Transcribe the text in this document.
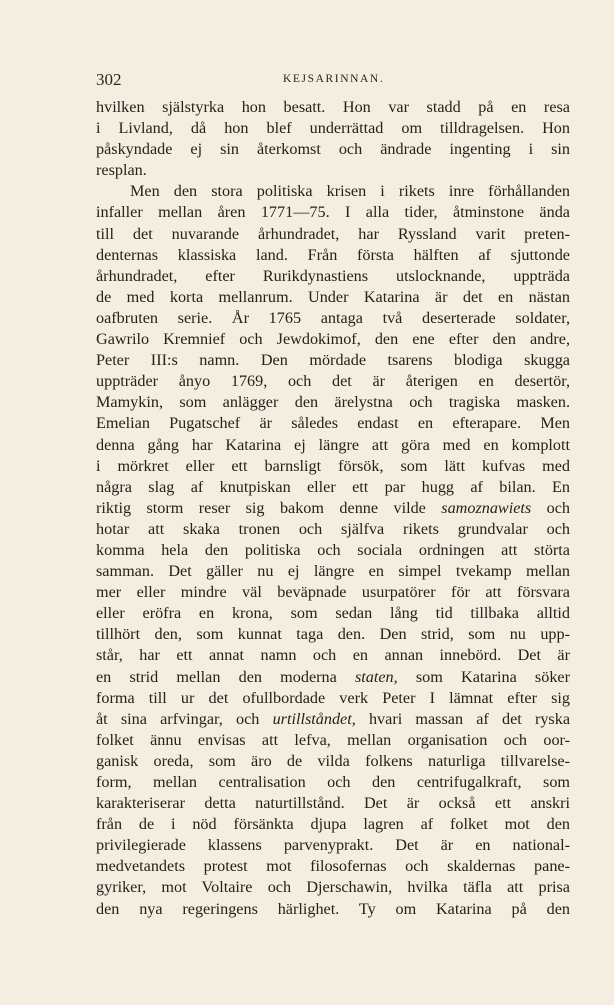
302	KEJSARINNAN.
hvilken själstyrka hon besatt. Hon var stadd på en resa
i Livland, då hon blef underrättad om tilldragelsen. Hon
påskyndade ej sin återkomst och ändrade ingenting i sin
resplan.
Men den stora politiska krisen i rikets inre förhållanden
infaller mellan åren 1771—75. I alla tider, åtminstone ända
till det nuvarande århundradet, har Ryssland varit preten-
denternas klassiska land. Från första hälften af sjuttonde
århundradet, efter Rurikdynastiens utslocknande, uppträda
de med korta mellanrum. Under Katarina är det en nästan
oafbruten serie. År 1765 antaga två deserterade soldater,
Gawrilo Kremnief och Jewdokimof, den ene efter den andre,
Peter III:s namn. Den mördade tsarens blodiga skugga
uppträder ånyo 1769, och det är återigen en desertör,
Mamykin, som anlägger den ärelystna och tragiska masken.
Emelian Pugatschef är således endast en efterapare. Men
denna gång har Katarina ej längre att göra med en komplott
i mörkret eller ett barnsligt försök, som lätt kufvas med
några slag af knutpiskan eller ett par hugg af bilan. En
riktig storm reser sig bakom denne vilde samoznawiets och
hotar att skaka tronen och själfva rikets grundvalar och
komma hela den politiska och sociala ordningen att störta
samman. Det gäller nu ej längre en simpel tvekamp mellan
mer eller mindre väl beväpnade usurpatörer för att försvara
eller eröfra en krona, som sedan lång tid tillbaka alltid
tillhört den, som kunnat taga den. Den strid, som nu upp-
står, har ett annat namn och en annan innebörd. Det är
en strid mellan den moderna staten, som Katarina söker
forma till ur det ofullbordade verk Peter I lämnat efter sig
åt sina arfvingar, och urtillståndet, hvari massan af det ryska
folket ännu envisas att lefva, mellan organisation och oor-
ganisk oreda, som äro de vilda folkens naturliga tillvarelse-
form, mellan centralisation och den centrifugalkraft, som
karakteriserar detta naturtillstånd. Det är också ett anskri
från de i nöd försänkta djupa lagren af folket mot den
privilegierade klassens parvenyprakt. Det är en national-
medvetandets protest mot filosofernas och skaldernas pane-
gyriker, mot Voltaire och Djerschawin, hvilka täfla att prisa
den nya regeringens härlighet. Ty om Katarina på den
